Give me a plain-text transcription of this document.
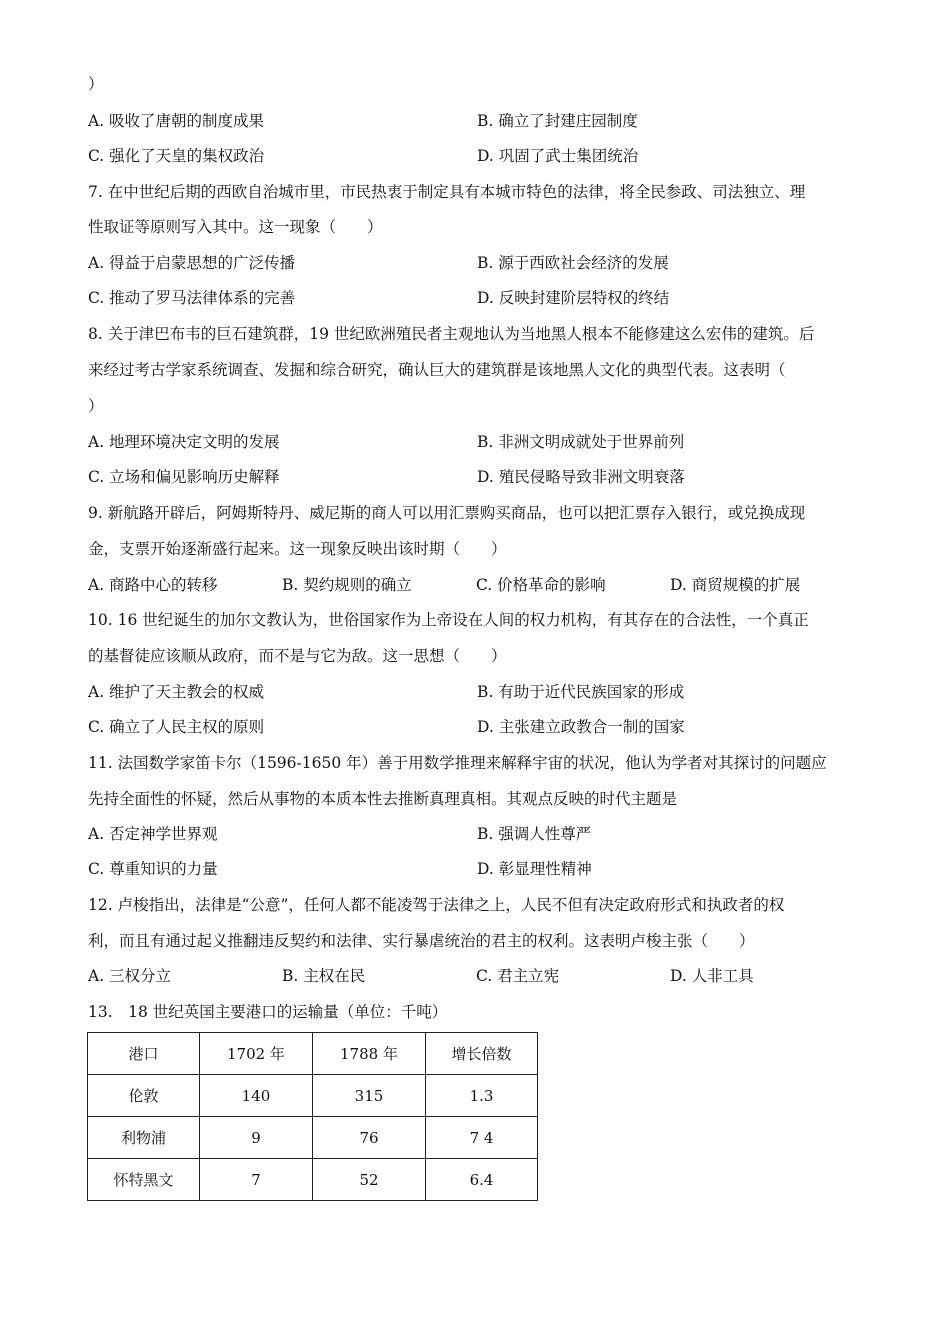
）
A. 吸收了唐朝的制度成果	B. 确立了封建庄园制度
C. 强化了天皇的集权政治	D. 巩固了武士集团统治
7. 在中世纪后期的西欧自治城市里，市民热衷于制定具有本城市特色的法律，将全民参政、司法独立、理
性取证等原则写入其中。这一现象（　　）
A. 得益于启蒙思想的广泛传播	B. 源于西欧社会经济的发展
C. 推动了罗马法律体系的完善	D. 反映封建阶层特权的终结
8. 关于津巴布韦的巨石建筑群，19 世纪欧洲殖民者主观地认为当地黑人根本不能修建这么宏伟的建筑。后
来经过考古学家系统调查、发掘和综合研究，确认巨大的建筑群是该地黑人文化的典型代表。这表明（
）
A. 地理环境决定文明的发展	B. 非洲文明成就处于世界前列
C. 立场和偏见影响历史解释	D. 殖民侵略导致非洲文明衰落
9. 新航路开辟后，阿姆斯特丹、威尼斯的商人可以用汇票购买商品，也可以把汇票存入银行，或兑换成现
金，支票开始逐渐盛行起来。这一现象反映出该时期（　　）
A. 商路中心的转移	B. 契约规则的确立	C. 价格革命的影响	D. 商贸规模的扩展
10. 16 世纪诞生的加尔文教认为，世俗国家作为上帝设在人间的权力机构，有其存在的合法性，一个真正
的基督徒应该顺从政府，而不是与它为敌。这一思想（　　）
A. 维护了天主教会的权威	B. 有助于近代民族国家的形成
C. 确立了人民主权的原则	D. 主张建立政教合一制的国家
11. 法国数学家笛卡尔（1596-1650 年）善于用数学推理来解释宇宙的状况，他认为学者对其探讨的问题应
先持全面性的怀疑，然后从事物的本质本性去推断真理真相。其观点反映的时代主题是
A. 否定神学世界观	B. 强调人性尊严
C. 尊重知识的力量	D. 彰显理性精神
12. 卢梭指出，法律是“公意”，任何人都不能凌驾于法律之上，人民不但有决定政府形式和执政者的权
利，而且有通过起义推翻违反契约和法律、实行暴虐统治的君主的权利。这表明卢梭主张（　　）
A. 三权分立	B. 主权在民	C. 君主立宪	D. 人非工具
13.　18 世纪英国主要港口的运输量（单位：千吨）
港口	1702 年	1788 年	增长倍数
伦敦	140	315	1.3
利物浦	9	76	7 4
怀特黑文	7	52	6.4
